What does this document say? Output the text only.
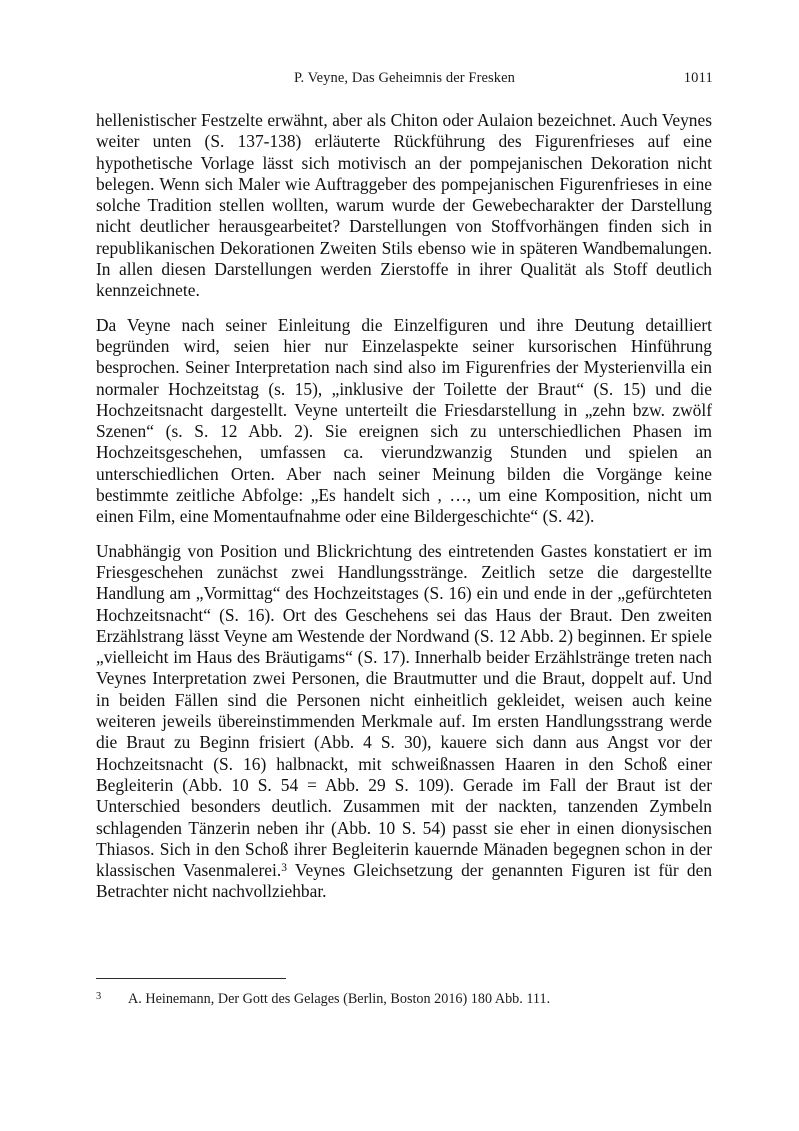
P. Veyne, Das Geheimnis der Fresken	1011

hellenistischer Festzelte erwähnt, aber als Chiton oder Aulaion bezeichnet. Auch Veynes weiter unten (S. 137-138) erläuterte Rückführung des Figurenfrieses auf eine hypothetische Vorlage lässt sich motivisch an der pompejanischen Dekoration nicht belegen. Wenn sich Maler wie Auftraggeber des pompejanischen Figurenfrieses in eine solche Tradition stellen wollten, warum wurde der Gewebecharakter der Darstellung nicht deutlicher herausgearbeitet? Darstellungen von Stoffvorhängen finden sich in republikanischen Dekorationen Zweiten Stils ebenso wie in späteren Wandbemalungen. In allen diesen Darstellungen werden Zierstoffe in ihrer Qualität als Stoff deutlich kennzeichnete.

Da Veyne nach seiner Einleitung die Einzelfiguren und ihre Deutung detailliert begründen wird, seien hier nur Einzelaspekte seiner kursorischen Hinführung besprochen. Seiner Interpretation nach sind also im Figurenfries der Mysterienvilla ein normaler Hochzeitstag (s. 15), „inklusive der Toilette der Braut“ (S. 15) und die Hochzeitsnacht dargestellt. Veyne unterteilt die Friesdarstellung in „zehn bzw. zwölf Szenen“ (s. S. 12 Abb. 2). Sie ereignen sich zu unterschiedlichen Phasen im Hochzeitsgeschehen, umfassen ca. vierundzwanzig Stunden und spielen an unterschiedlichen Orten. Aber nach seiner Meinung bilden die Vorgänge keine bestimmte zeitliche Abfolge: „Es handelt sich , …, um eine Komposition, nicht um einen Film, eine Momentaufnahme oder eine Bildergeschichte“ (S. 42).

Unabhängig von Position und Blickrichtung des eintretenden Gastes konstatiert er im Friesgeschehen zunächst zwei Handlungsstränge. Zeitlich setze die dargestellte Handlung am „Vormittag“ des Hochzeitstages (S. 16) ein und ende in der „gefürchteten Hochzeitsnacht“ (S. 16). Ort des Geschehens sei das Haus der Braut. Den zweiten Erzählstrang lässt Veyne am Westende der Nordwand (S. 12 Abb. 2) beginnen. Er spiele „vielleicht im Haus des Bräutigams“ (S. 17). Innerhalb beider Erzählstränge treten nach Veynes Interpretation zwei Personen, die Brautmutter und die Braut, doppelt auf. Und in beiden Fällen sind die Personen nicht einheitlich gekleidet, weisen auch keine weiteren jeweils übereinstimmenden Merkmale auf. Im ersten Handlungsstrang werde die Braut zu Beginn frisiert (Abb. 4 S. 30), kauere sich dann aus Angst vor der Hochzeitsnacht (S. 16) halbnackt, mit schweißnassen Haaren in den Schoß einer Begleiterin (Abb. 10 S. 54 = Abb. 29 S. 109). Gerade im Fall der Braut ist der Unterschied besonders deutlich. Zusammen mit der nackten, tanzenden Zymbeln schlagenden Tänzerin neben ihr (Abb. 10 S. 54) passt sie eher in einen dionysischen Thiasos. Sich in den Schoß ihrer Begleiterin kauernde Mänaden begegnen schon in der klassischen Vasenmalerei.$^3$ Veynes Gleichsetzung der genannten Figuren ist für den Betrachter nicht nachvollziehbar.

3 A. Heinemann, Der Gott des Gelages (Berlin, Boston 2016) 180 Abb. 111.
